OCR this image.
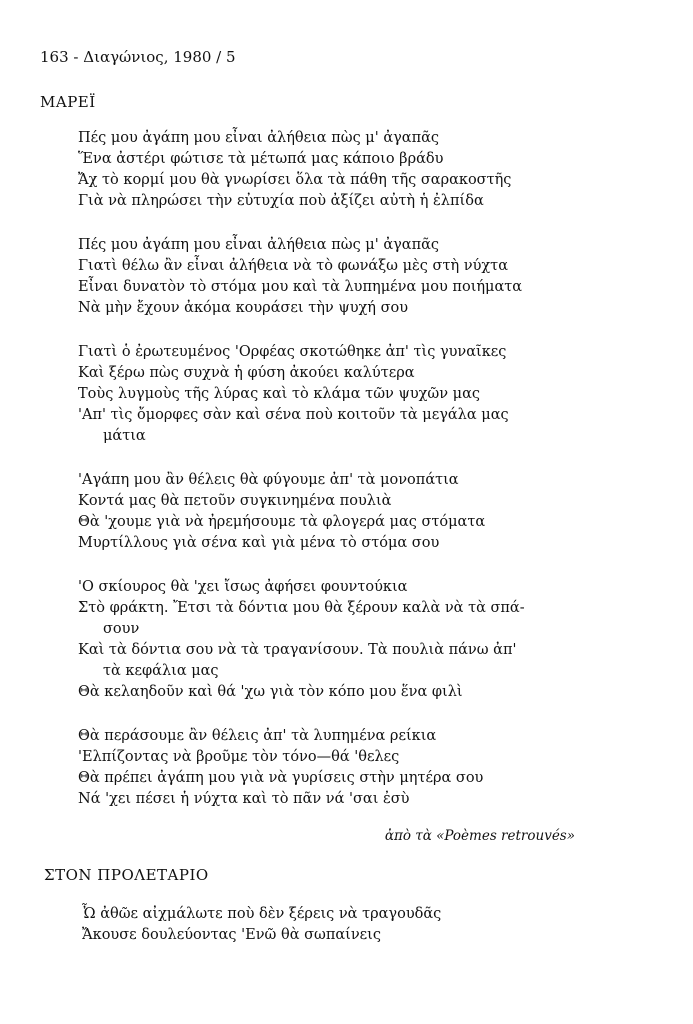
163 - Διαγώνιος, 1980 / 5
ΜΑΡΕΪ
Πές μου ἀγάπη μου εἶναι ἀλήθεια πὼς μ' ἀγαπᾶς
Ἕνα ἀστέρι φώτισε τὰ μέτωπά μας κάποιο βράδυ
Ἄχ τὸ κορμί μου θὰ γνωρίσει ὅλα τὰ πάθη τῆς σαρακοστῆς
Γιὰ νὰ πληρώσει τὴν εὐτυχία ποὺ ἀξίζει αὐτὴ ἡ ἐλπίδα
Πές μου ἀγάπη μου εἶναι ἀλήθεια πὼς μ' ἀγαπᾶς
Γιατὶ θέλω ἂν εἶναι ἀλήθεια νὰ τὸ φωνάξω μὲς στὴ νύχτα
Εἶναι δυνατὸν τὸ στόμα μου καὶ τὰ λυπημένα μου ποιήματα
Νὰ μὴν ἔχουν ἀκόμα κουράσει τὴν ψυχή σου
Γιατὶ ὁ ἐρωτευμένος 'Ορφέας σκοτώθηκε ἀπ' τὶς γυναῖκες
Καὶ ξέρω πὼς συχνὰ ἡ φύση ἀκούει καλύτερα
Τοὺς λυγμοὺς τῆς λύρας καὶ τὸ κλάμα τῶν ψυχῶν μας
'Απ' τὶς ὄμορφες σὰν καὶ σένα ποὺ κοιτοῦν τὰ μεγάλα μας
μάτια
'Αγάπη μου ἂν θέλεις θὰ φύγουμε ἀπ' τὰ μονοπάτια
Κοντά μας θὰ πετοῦν συγκινημένα πουλιὰ
Θὰ 'χουμε γιὰ νὰ ἠρεμήσουμε τὰ φλογερά μας στόματα
Μυρτίλλους γιὰ σένα καὶ γιὰ μένα τὸ στόμα σου
'Ο σκίουρος θὰ 'χει ἴσως ἀφήσει φουντούκια
Στὸ φράκτη. Ἔτσι τὰ δόντια μου θὰ ξέρουν καλὰ νὰ τὰ σπά-
σουν
Καὶ τὰ δόντια σου νὰ τὰ τραγανίσουν. Τὰ πουλιὰ πάνω ἀπ'
τὰ κεφάλια μας
Θὰ κελαηδοῦν καὶ θά 'χω γιὰ τὸν κόπο μου ἕνα φιλὶ
Θὰ περάσουμε ἂν θέλεις ἀπ' τὰ λυπημένα ρείκια
'Ελπίζοντας νὰ βροῦμε τὸν τόνο—θά 'θελες
Θὰ πρέπει ἀγάπη μου γιὰ νὰ γυρίσεις στὴν μητέρα σου
Νά 'χει πέσει ἡ νύχτα καὶ τὸ πᾶν νά 'σαι ἐσὺ
ἀπὸ τὰ «Poèmes retrouvés»
ΣΤΟΝ ΠΡΟΛΕΤΑΡΙΟ
Ὦ ἀθῶε αἰχμάλωτε ποὺ δὲν ξέρεις νὰ τραγουδᾶς
Ἄκουσε δουλεύοντας 'Ενῶ θὰ σωπαίνεις
